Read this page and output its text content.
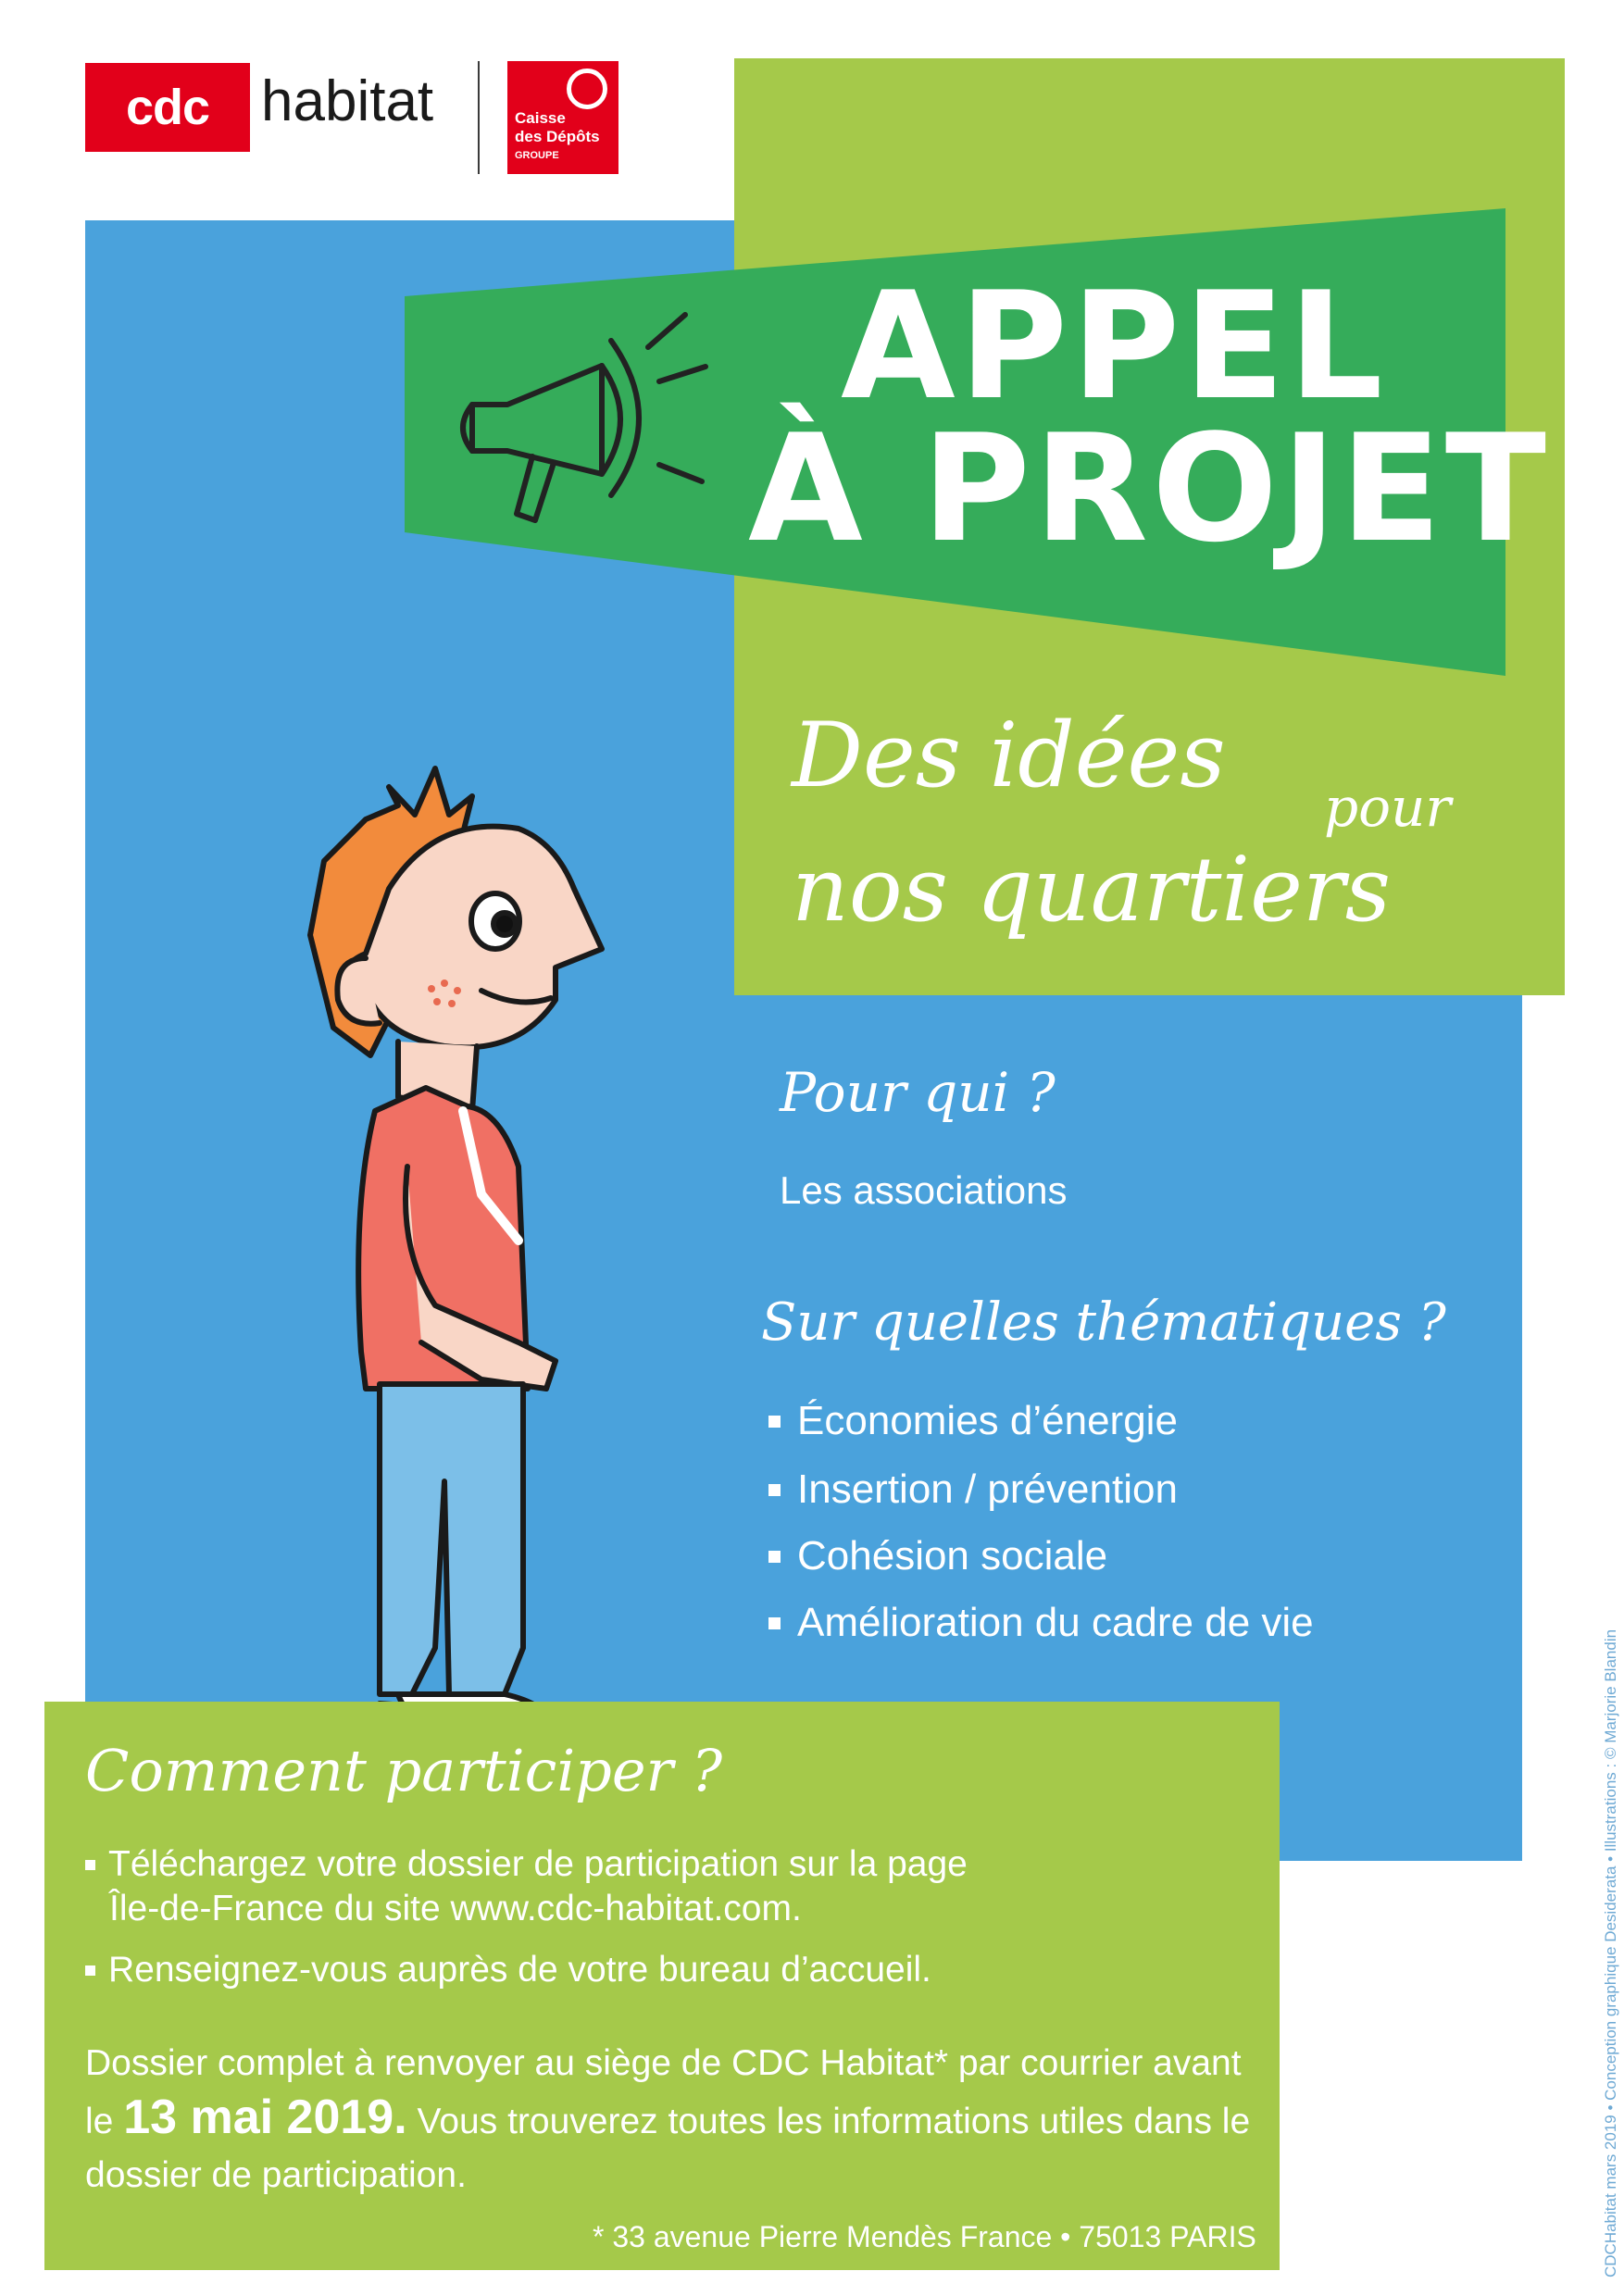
cdc habitat	Caisse
des Dépôts
GROUPE
APPEL
À PROJET
Des idées pour
nos quartiers
Pour qui ?
Les associations
Sur quelles thématiques ?
Économies d’énergie
Insertion / prévention
Cohésion sociale
Amélioration du cadre de vie
Comment participer ?
Téléchargez votre dossier de participation sur la page
Île-de-France du site www.cdc-habitat.com.
Renseignez-vous auprès de votre bureau d’accueil.
Dossier complet à renvoyer au siège de CDC Habitat* par courrier avant le 13 mai 2019. Vous trouverez toutes les informations utiles dans le dossier de participation.
* 33 avenue Pierre Mendès France • 75013 PARIS	CDCHabitat mars 2019 • Conception graphique Desiderata • Illustrations : © Marjorie Blandin
